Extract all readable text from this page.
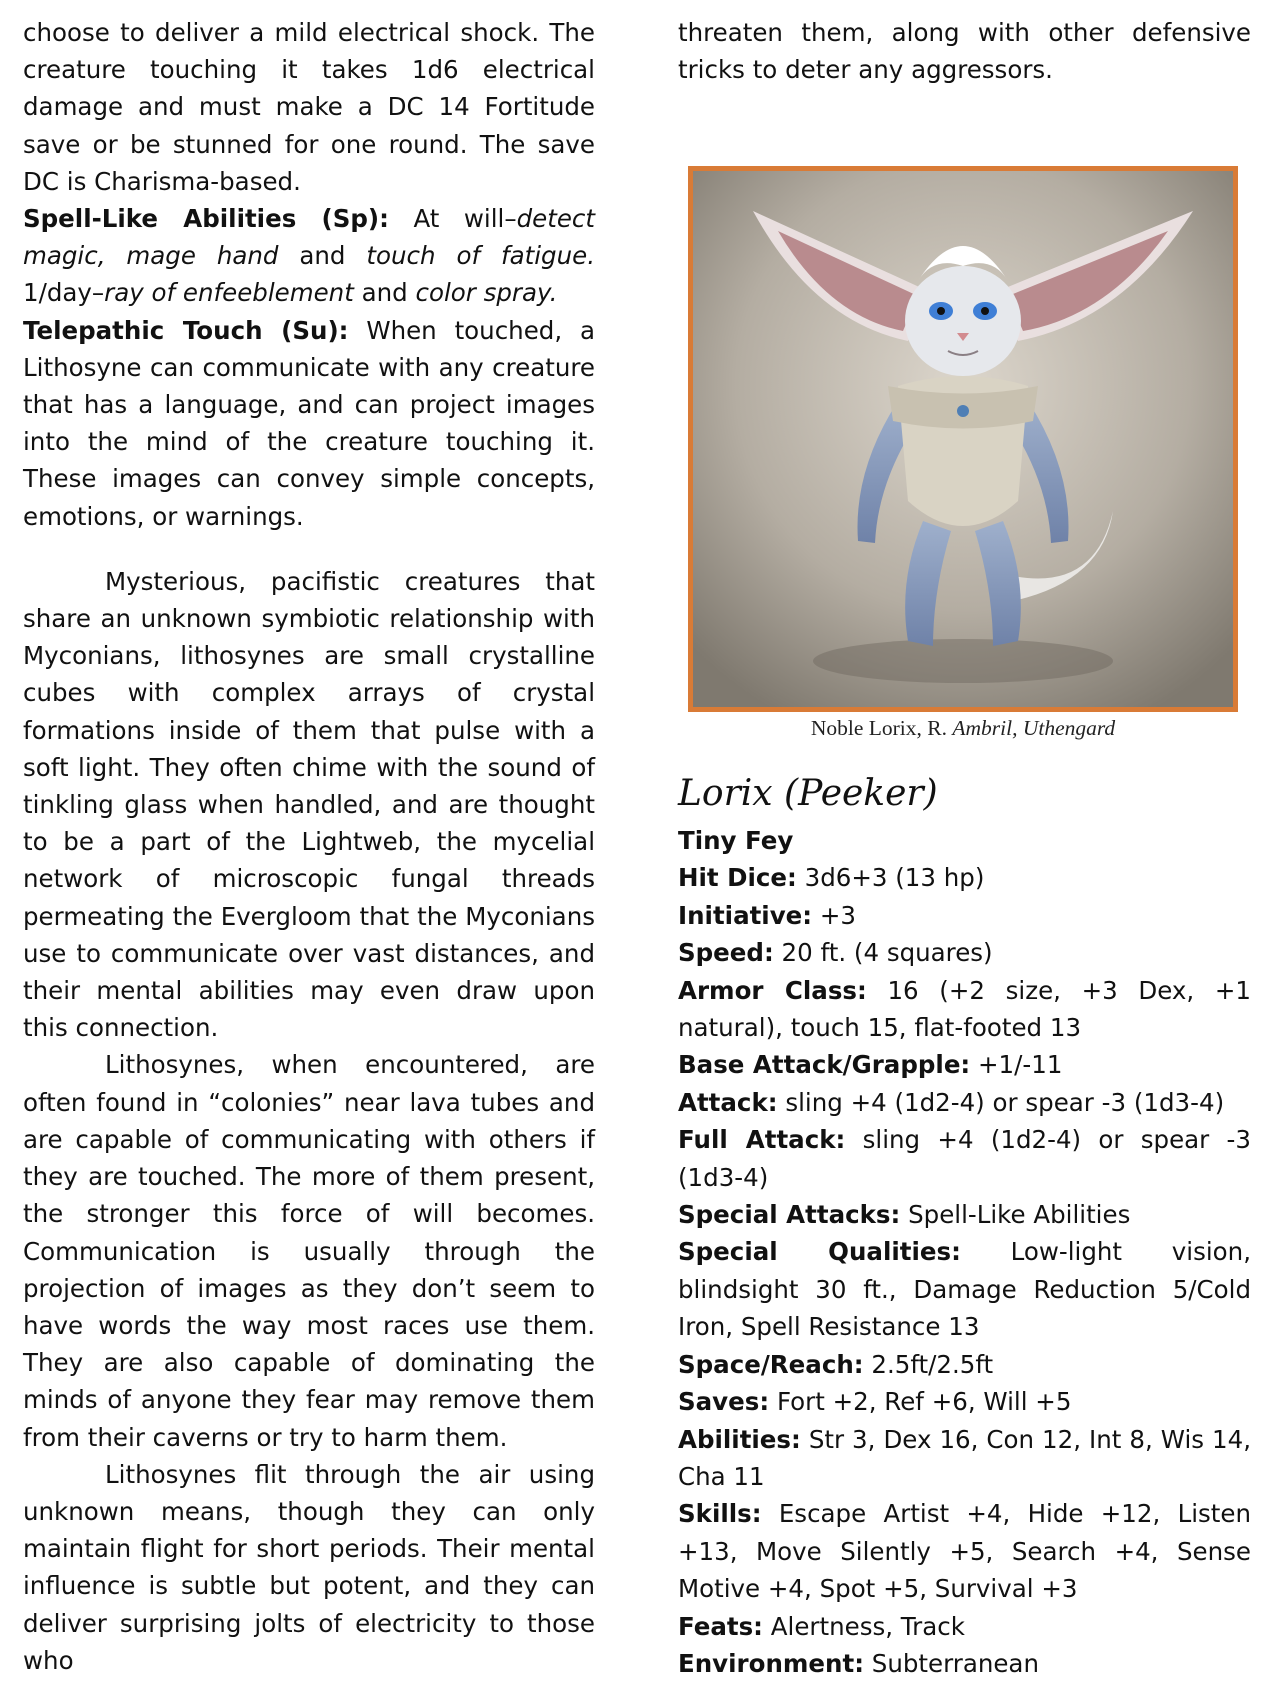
choose to deliver a mild electrical shock. The creature touching it takes 1d6 electrical damage and must make a DC 14 Fortitude save or be stunned for one round. The save DC is Charisma-based.

Spell-Like Abilities (Sp): At will–detect magic, mage hand and touch of fatigue. 1/day–ray of enfeeblement and color spray.

Telepathic Touch (Su): When touched, a Lithosyne can communicate with any creature that has a language, and can project images into the mind of the creature touching it. These images can convey simple concepts, emotions, or warnings.

Mysterious, pacifistic creatures that share an unknown symbiotic relationship with Myconians, lithosynes are small crystalline cubes with complex arrays of crystal formations inside of them that pulse with a soft light. They often chime with the sound of tinkling glass when handled, and are thought to be a part of the Lightweb, the mycelial network of microscopic fungal threads permeating the Evergloom that the Myconians use to communicate over vast distances, and their mental abilities may even draw upon this connection.

Lithosynes, when encountered, are often found in “colonies” near lava tubes and are capable of communicating with others if they are touched. The more of them present, the stronger this force of will becomes. Communication is usually through the projection of images as they don’t seem to have words the way most races use them. They are also capable of dominating the minds of anyone they fear may remove them from their caverns or try to harm them.

Lithosynes flit through the air using unknown means, though they can only maintain flight for short periods. Their mental influence is subtle but potent, and they can deliver surprising jolts of electricity to those who

threaten them, along with other defensive tricks to deter any aggressors.

Noble Lorix, R. Ambril, Uthengard
Lorix (Peeker)

Tiny Fey

Hit Dice: 3d6+3 (13 hp)

Initiative: +3

Speed: 20 ft. (4 squares)

Armor Class: 16 (+2 size, +3 Dex, +1 natural), touch 15, flat-footed 13

Base Attack/Grapple: +1/-11

Attack: sling +4 (1d2-4) or spear -3 (1d3-4)

Full Attack: sling +4 (1d2-4) or spear -3 (1d3-4)

Special Attacks: Spell-Like Abilities

Special Qualities: Low-light vision, blindsight 30 ft., Damage Reduction 5/Cold Iron, Spell Resistance 13

Space/Reach: 2.5ft/2.5ft

Saves: Fort +2, Ref +6, Will +5

Abilities: Str 3, Dex 16, Con 12, Int 8, Wis 14, Cha 11

Skills: Escape Artist +4, Hide +12, Listen +13, Move Silently +5, Search +4, Sense Motive +4, Spot +5, Survival +3

Feats: Alertness, Track

Environment: Subterranean
